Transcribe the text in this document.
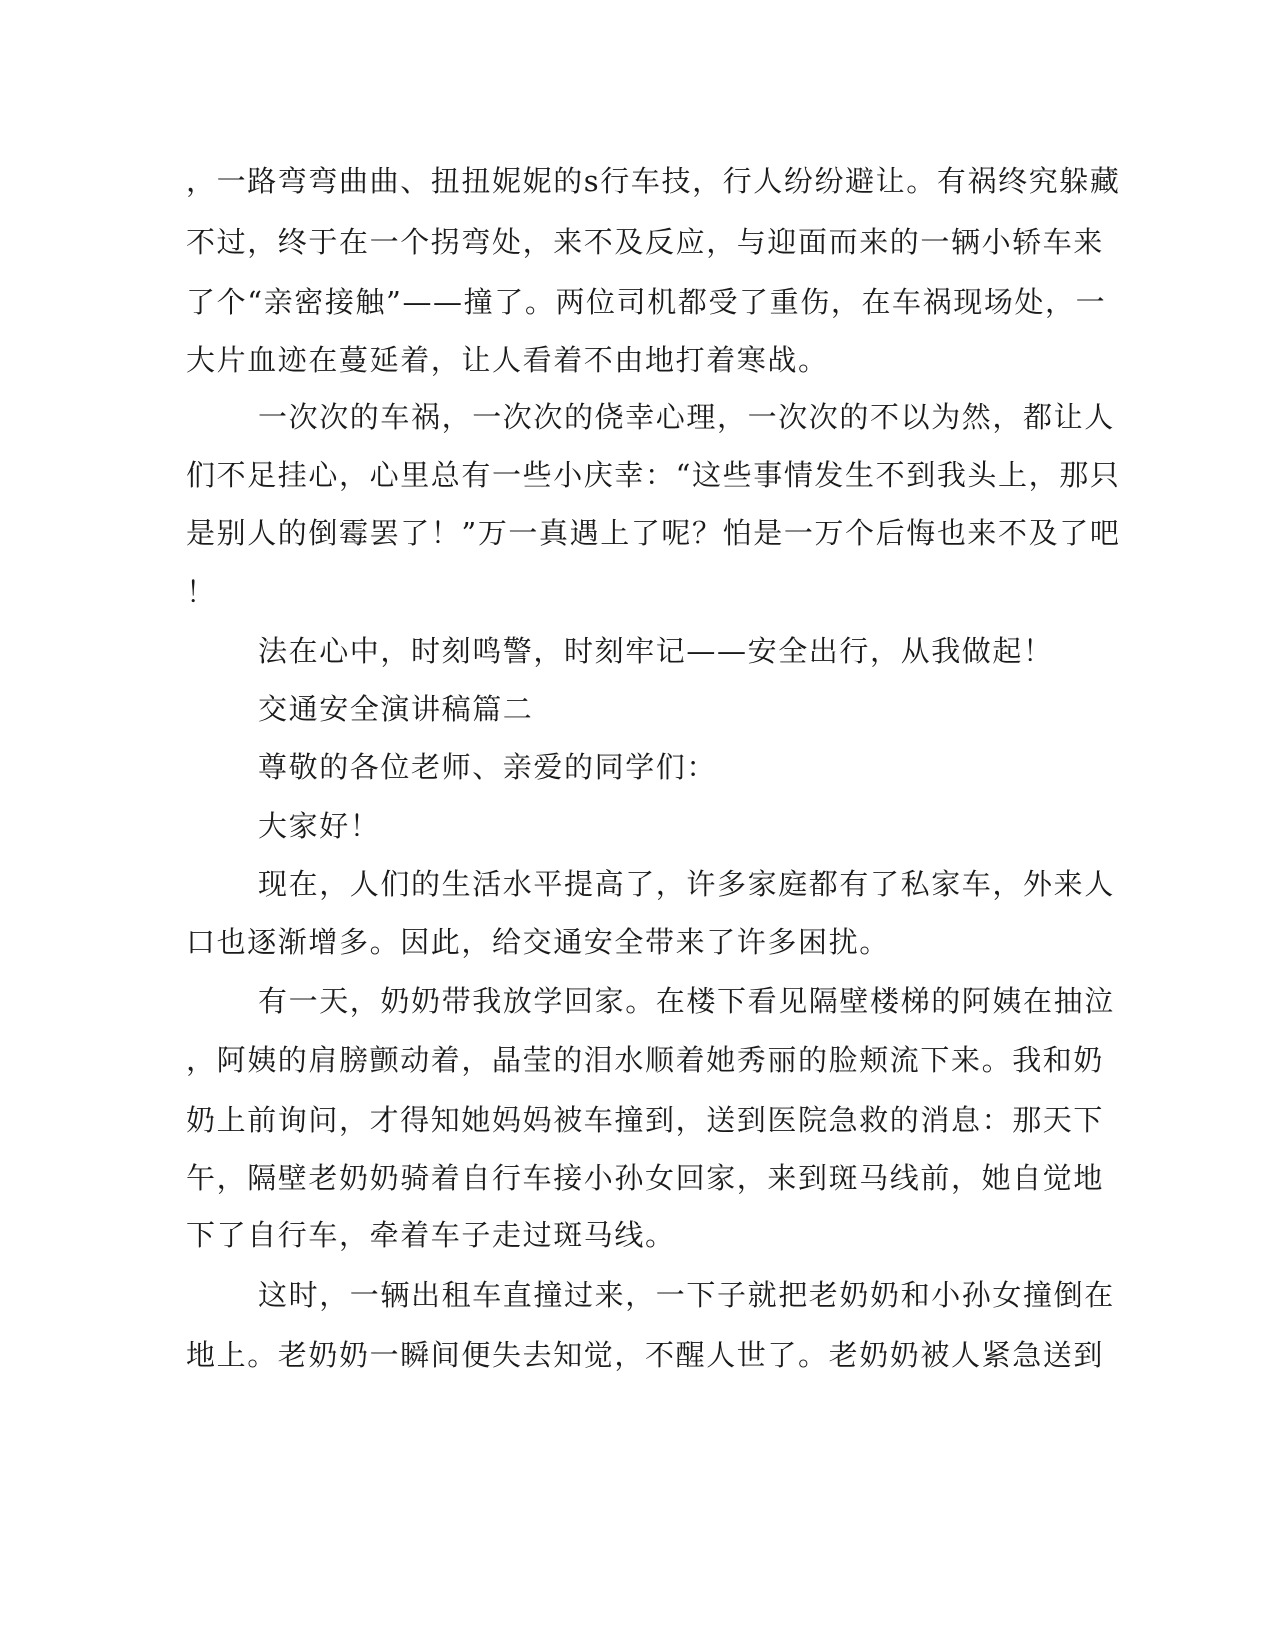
，一路弯弯曲曲、扭扭妮妮的s行车技，行人纷纷避让。有祸终究躲藏
不过，终于在一个拐弯处，来不及反应，与迎面而来的一辆小轿车来
了个“亲密接触”——撞了。两位司机都受了重伤，在车祸现场处，一
大片血迹在蔓延着，让人看着不由地打着寒战。
一次次的车祸，一次次的侥幸心理，一次次的不以为然，都让人
们不足挂心，心里总有一些小庆幸：“这些事情发生不到我头上，那只
是别人的倒霉罢了！”万一真遇上了呢？怕是一万个后悔也来不及了吧
！
法在心中，时刻鸣警，时刻牢记——安全出行，从我做起！
交通安全演讲稿篇二
尊敬的各位老师、亲爱的同学们：
大家好！
现在，人们的生活水平提高了，许多家庭都有了私家车，外来人
口也逐渐增多。因此，给交通安全带来了许多困扰。
有一天，奶奶带我放学回家。在楼下看见隔壁楼梯的阿姨在抽泣
，阿姨的肩膀颤动着，晶莹的泪水顺着她秀丽的脸颊流下来。我和奶
奶上前询问，才得知她妈妈被车撞到，送到医院急救的消息：那天下
午，隔壁老奶奶骑着自行车接小孙女回家，来到斑马线前，她自觉地
下了自行车，牵着车子走过斑马线。
这时，一辆出租车直撞过来，一下子就把老奶奶和小孙女撞倒在
地上。老奶奶一瞬间便失去知觉，不醒人世了。老奶奶被人紧急送到
